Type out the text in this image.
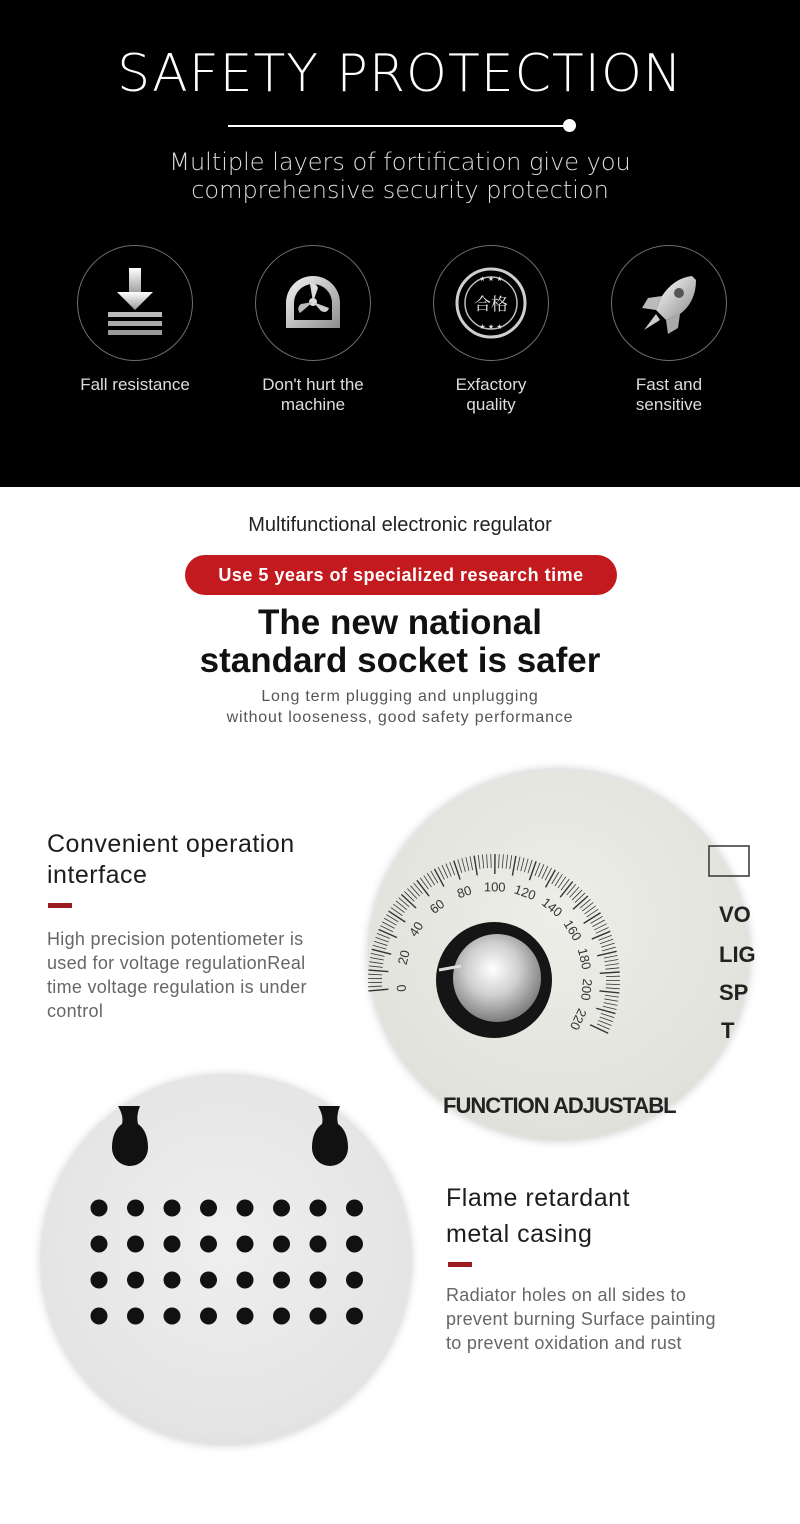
SAFETY PROTECTION
Multiple layers of fortification give you
comprehensive security protection
Fall resistance	Don't hurt the
machine
★ ★ ★
★ ★ ★
合格
Exfactory
quality
Fast and
sensitive
Multifunctional electronic regulator
Use 5 years of specialized research time
The new national
standard socket is safer
Long term plugging and unplugging
without looseness, good safety performance
Convenient operation
interface
High precision potentiometer is
used for voltage regulationReal
time voltage regulation is under
control
0
20
40
60
80 100 120
140
160
180
200
220
FUNCTION ADJUSTABL
VO
LIG
SP
T
Flame retardant
metal casing
Radiator holes on all sides to
prevent burning Surface painting
to prevent oxidation and rust
